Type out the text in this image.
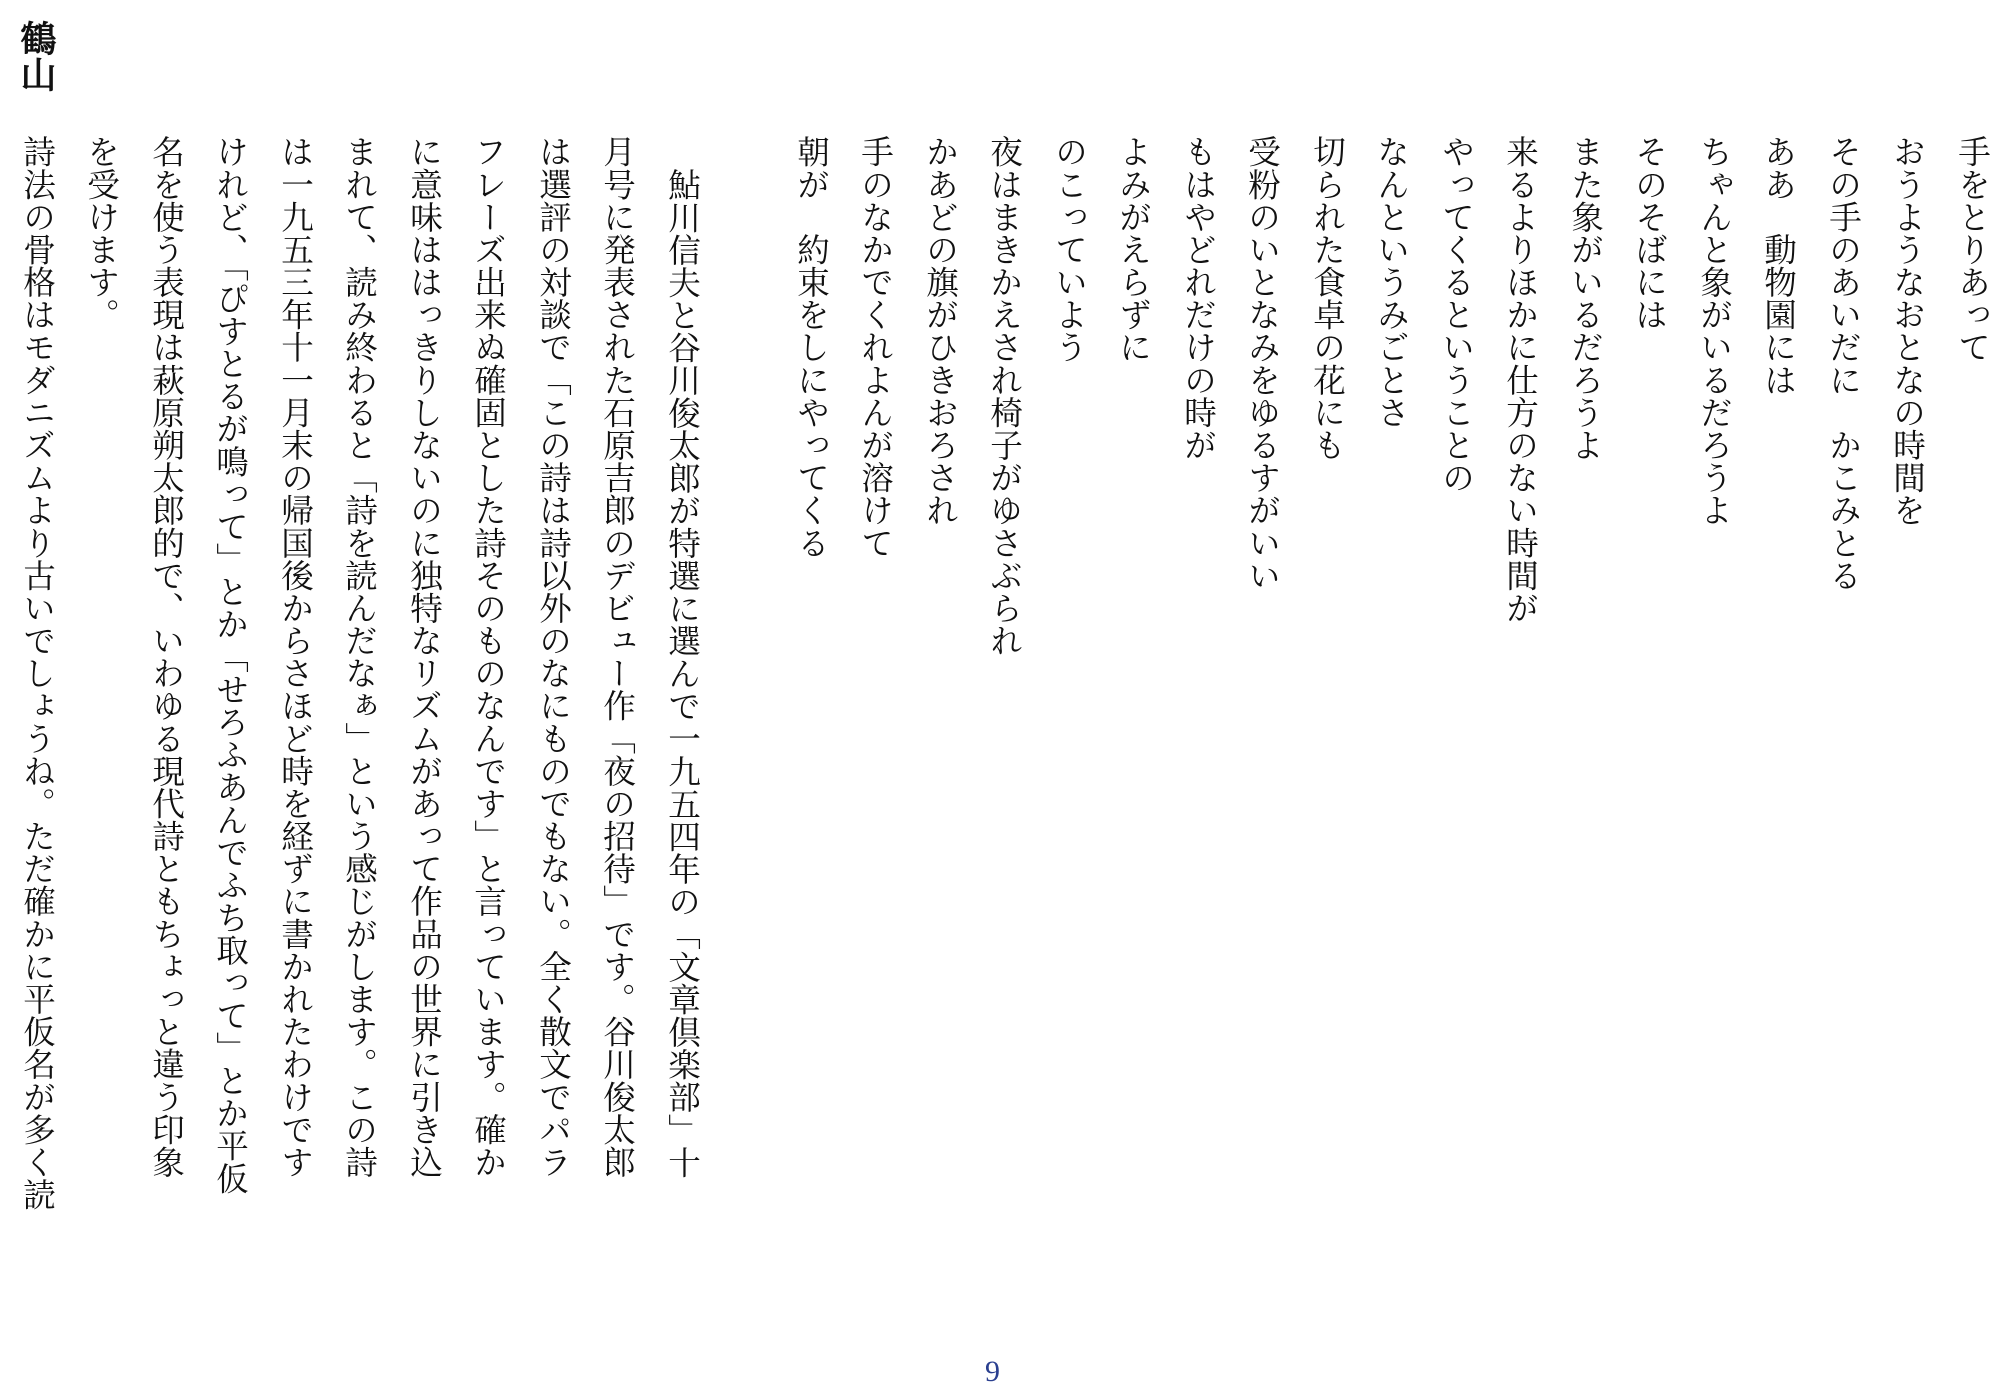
鶴山
手をとりあって
おうようなおとなの時間を
その手のあいだに　かこみとる
ああ　動物園には
ちゃんと象がいるだろうよ
そのそばには
また象がいるだろうよ
来るよりほかに仕方のない時間が
やってくるということの
なんというみごとさ
切られた食卓の花にも
受粉のいとなみをゆるすがいい
もはやどれだけの時が
よみがえらずに
のこっていよう
夜はまきかえされ椅子がゆさぶられ
かあどの旗がひきおろされ
手のなかでくれよんが溶けて
朝が　約束をしにやってくる
鮎川信夫と谷川俊太郎が特選に選んで一九五四年の「文章倶楽部」十
月号に発表された石原吉郎のデビュー作「夜の招待」です。谷川俊太郎
は選評の対談で「この詩は詩以外のなにものでもない。全く散文でパラ
フレーズ出来ぬ確固とした詩そのものなんです」と言っています。確か
に意味ははっきりしないのに独特なリズムがあって作品の世界に引き込
まれて、読み終わると「詩を読んだなぁ」という感じがします。この詩
は一九五三年十一月末の帰国後からさほど時を経ずに書かれたわけです
けれど、「ぴすとるが鳴って」とか「せろふあんでふち取って」とか平仮
名を使う表現は萩原朔太郎的で、いわゆる現代詩ともちょっと違う印象
を受けます。
詩法の骨格はモダニズムより古いでしょうね。ただ確かに平仮名が多く読
9
